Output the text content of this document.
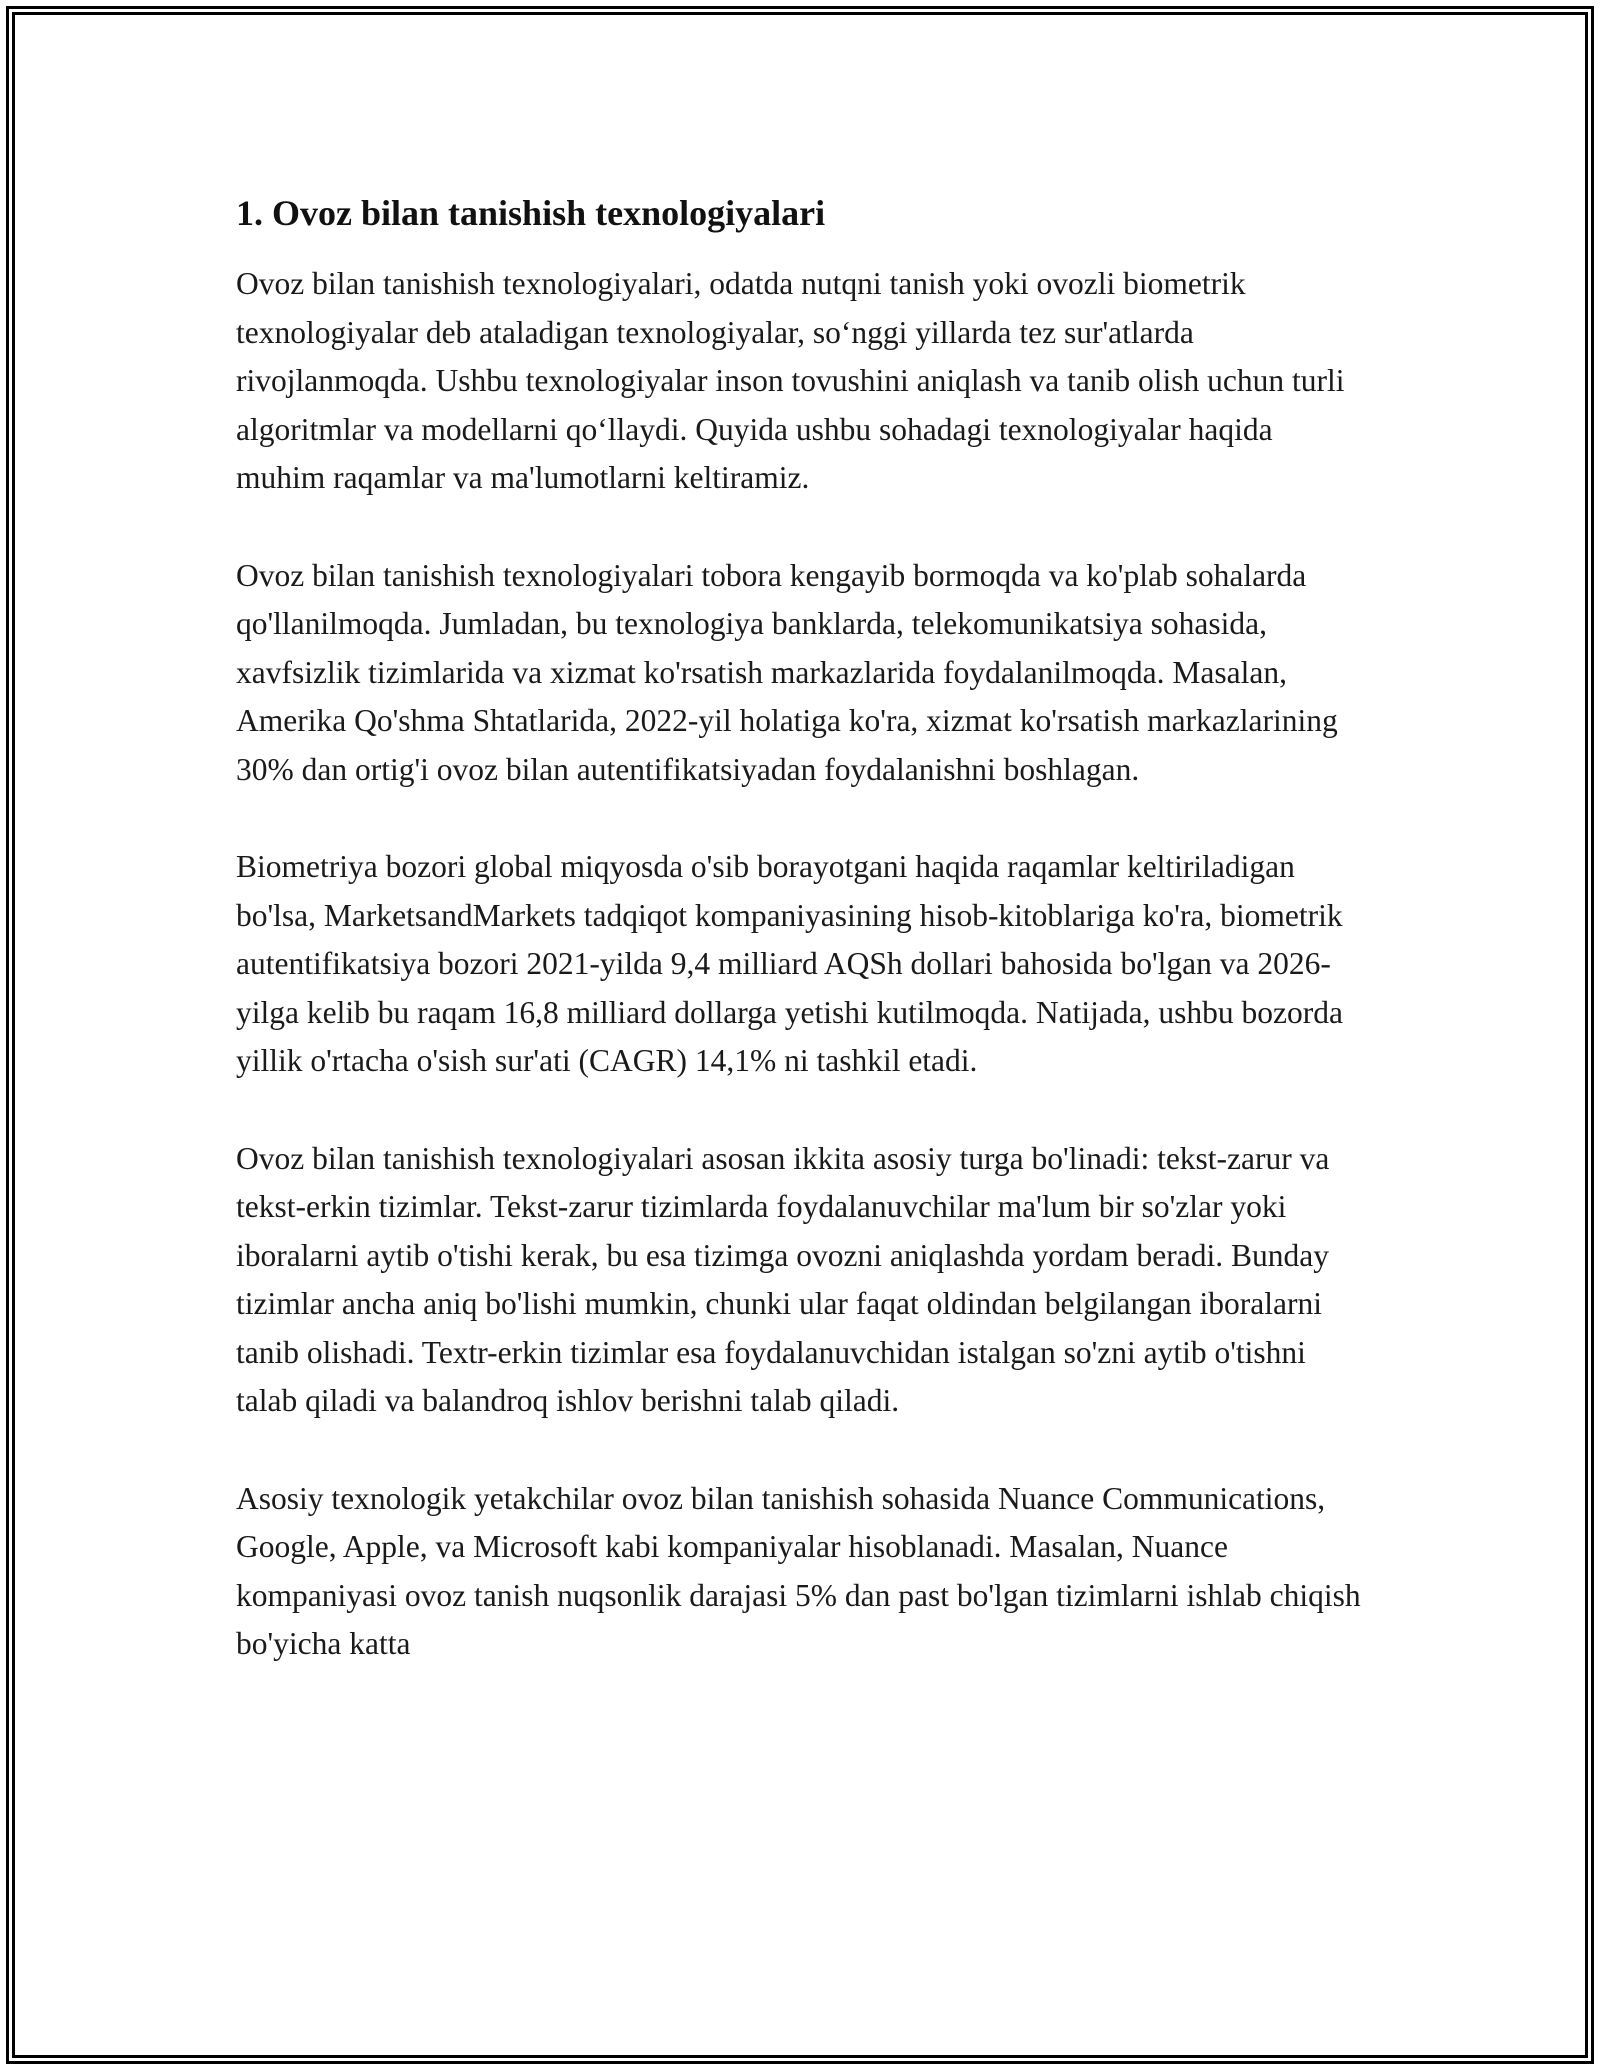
1. Ovoz bilan tanishish texnologiyalari

Ovoz bilan tanishish texnologiyalari, odatda nutqni tanish yoki ovozli biometrik texnologiyalar deb ataladigan texnologiyalar, so‘nggi yillarda tez sur'atlarda rivojlanmoqda. Ushbu texnologiyalar inson tovushini aniqlash va tanib olish uchun turli algoritmlar va modellarni qo‘llaydi. Quyida ushbu sohadagi texnologiyalar haqida muhim raqamlar va ma'lumotlarni keltiramiz.

Ovoz bilan tanishish texnologiyalari tobora kengayib bormoqda va ko'plab sohalarda qo'llanilmoqda. Jumladan, bu texnologiya banklarda, telekomunikatsiya sohasida, xavfsizlik tizimlarida va xizmat ko'rsatish markazlarida foydalanilmoqda. Masalan, Amerika Qo'shma Shtatlarida, 2022-yil holatiga ko'ra, xizmat ko'rsatish markazlarining 30% dan ortig'i ovoz bilan autentifikatsiyadan foydalanishni boshlagan.

Biometriya bozori global miqyosda o'sib borayotgani haqida raqamlar keltiriladigan bo'lsa, MarketsandMarkets tadqiqot kompaniyasining hisob-kitoblariga ko'ra, biometrik autentifikatsiya bozori 2021-yilda 9,4 milliard AQSh dollari bahosida bo'lgan va 2026-yilga kelib bu raqam 16,8 milliard dollarga yetishi kutilmoqda. Natijada, ushbu bozorda yillik o'rtacha o'sish sur'ati (CAGR) 14,1% ni tashkil etadi.

Ovoz bilan tanishish texnologiyalari asosan ikkita asosiy turga bo'linadi: tekst-zarur va tekst-erkin tizimlar. Tekst-zarur tizimlarda foydalanuvchilar ma'lum bir so'zlar yoki iboralarni aytib o'tishi kerak, bu esa tizimga ovozni aniqlashda yordam beradi. Bunday tizimlar ancha aniq bo'lishi mumkin, chunki ular faqat oldindan belgilangan iboralarni tanib olishadi. Textr-erkin tizimlar esa foydalanuvchidan istalgan so'zni aytib o'tishni talab qiladi va balandroq ishlov berishni talab qiladi.

Asosiy texnologik yetakchilar ovoz bilan tanishish sohasida Nuance Communications, Google, Apple, va Microsoft kabi kompaniyalar hisoblanadi. Masalan, Nuance kompaniyasi ovoz tanish nuqsonlik darajasi 5% dan past bo'lgan tizimlarni ishlab chiqish bo'yicha katta
